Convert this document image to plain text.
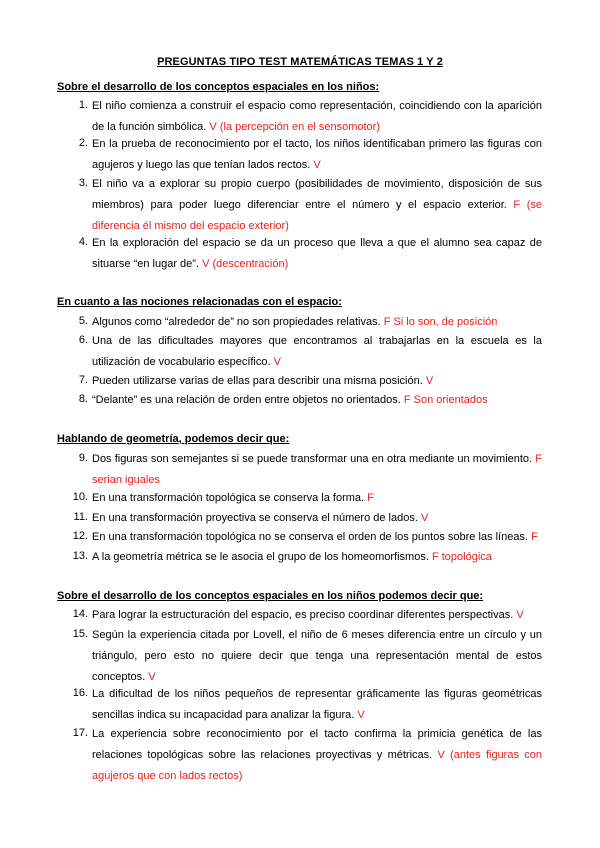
PREGUNTAS TIPO TEST MATEMÁTICAS TEMAS 1 Y 2
Sobre el desarrollo de los conceptos espaciales en los niños:
1. El niño comienza a construir el espacio como representación, coincidiendo con la aparición de la función simbólica. V (la percepción en el sensomotor)
2. En la prueba de reconocimiento por el tacto, los niños identificaban primero las figuras con agujeros y luego las que tenían lados rectos. V
3. El niño va a explorar su propio cuerpo (posibilidades de movimiento, disposición de sus miembros) para poder luego diferenciar entre el número y el espacio exterior. F (se diferencia él mismo del espacio exterior)
4. En la exploración del espacio se da un proceso que lleva a que el alumno sea capaz de situarse “en lugar de”. V (descentración)
En cuanto a las nociones relacionadas con el espacio:
5. Algunos como “alrededor de” no son propiedades relativas. F Si lo son, de posición
6. Una de las dificultades mayores que encontramos al trabajarlas en la escuela es la utilización de vocabulario específico. V
7. Pueden utilizarse varias de ellas para describir una misma posición. V
8. “Delante” es una relación de orden entre objetos no orientados. F Son orientados
Hablando de geometría, podemos decir que:
9. Dos figuras son semejantes si se puede transformar una en otra mediante un movimiento. F serian iguales
10. En una transformación topológica se conserva la forma. F
11. En una transformación proyectiva se conserva el número de lados. V
12. En una transformación topológica no se conserva el orden de los puntos sobre las líneas. F
13. A la geometría métrica se le asocia el grupo de los homeomorfismos. F topológica
Sobre el desarrollo de los conceptos espaciales en los niños podemos decir que:
14. Para lograr la estructuración del espacio, es preciso coordinar diferentes perspectivas. V
15. Según la experiencia citada por Lovell, el niño de 6 meses diferencia entre un círculo y un triángulo, pero esto no quiere decir que tenga una representación mental de estos conceptos. V
16. La dificultad de los niños pequeños de representar gráficamente las figuras geométricas sencillas indica su incapacidad para analizar la figura. V
17. La experiencia sobre reconocimiento por el tacto confirma la primicia genética de las relaciones topológicas sobre las relaciones proyectivas y métricas. V (antes figuras con agujeros que con lados rectos)
